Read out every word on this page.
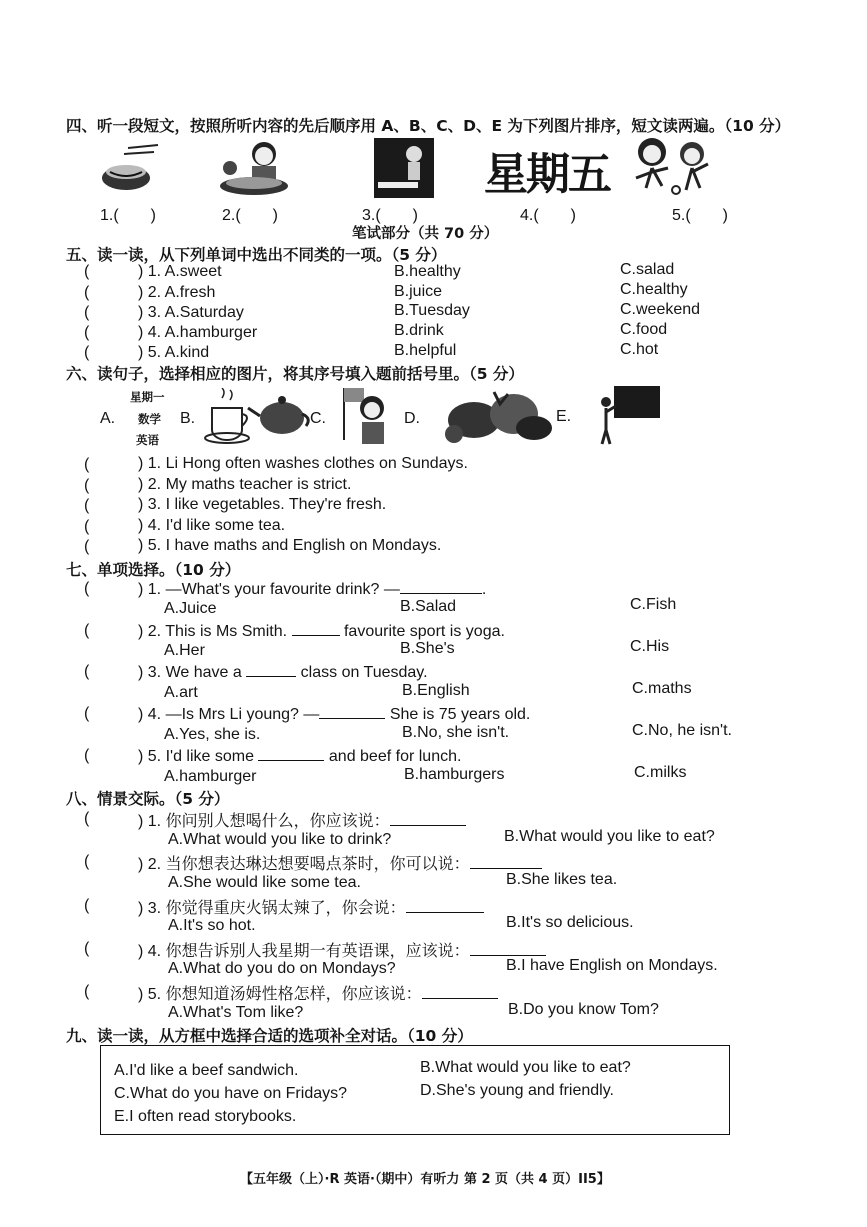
四、听一段短文，按照所听内容的先后顺序用 A、B、C、D、E 为下列图片排序，短文读两遍。（10 分）
星期五
1.(　　)	2.(　　)	3.(　　)	4.(　　)	5.(　　)
笔试部分（共 70 分）
五、读一读，从下列单词中选出不同类的一项。（5 分）
(	) 1. A.sweet	B.healthy	C.salad
(	) 2. A.fresh	B.juice	C.healthy
(	) 3. A.Saturday	B.Tuesday	C.weekend
(	) 4. A.hamburger	B.drink	C.food
(	) 5. A.kind	B.helpful	C.hot
六、读句子，选择相应的图片，将其序号填入题前括号里。（5 分）
A.
星期一
数学
英语
B.	C.	D.	E.
(	) 1. Li Hong often washes clothes on Sundays.
(	) 2. My maths teacher is strict.
(	) 3. I like vegetables. They're fresh.
(	) 4. I'd like some tea.
(	) 5. I have maths and English on Mondays.
七、单项选择。（10 分）
(	) 1. —What's your favourite drink? —	.
A.Juice	B.Salad	C.Fish
(	) 2. This is Ms Smith.	favourite sport is yoga.
A.Her	B.She's	C.His
(	) 3. We have a	class on Tuesday.
A.art	B.English	C.maths
(	) 4. —Is Mrs Li young? —	She is 75 years old.
A.Yes, she is.	B.No, she isn't.	C.No, he isn't.
(	) 5. I'd like some	and beef for lunch.
A.hamburger	B.hamburgers	C.milks
八、情景交际。（5 分）
(	) 1. 你问别人想喝什么，你应该说：
A.What would you like to drink?	B.What would you like to eat?
(	) 2. 当你想表达琳达想要喝点茶时，你可以说：
A.She would like some tea.	B.She likes tea.
(	) 3. 你觉得重庆火锅太辣了，你会说：
A.It's so hot.	B.It's so delicious.
(	) 4. 你想告诉别人我星期一有英语课，应该说：
A.What do you do on Mondays?	B.I have English on Mondays.
(	) 5. 你想知道汤姆性格怎样，你应该说：
A.What's Tom like?	B.Do you know Tom?
九、读一读，从方框中选择合适的选项补全对话。（10 分）
A.I'd like a beef sandwich.	B.What would you like to eat?
C.What do you have on Fridays?	D.She's young and friendly.
E.I often read storybooks.
【五年级（上）·R 英语·（期中）有听力 第 2 页（共 4 页）II5】
